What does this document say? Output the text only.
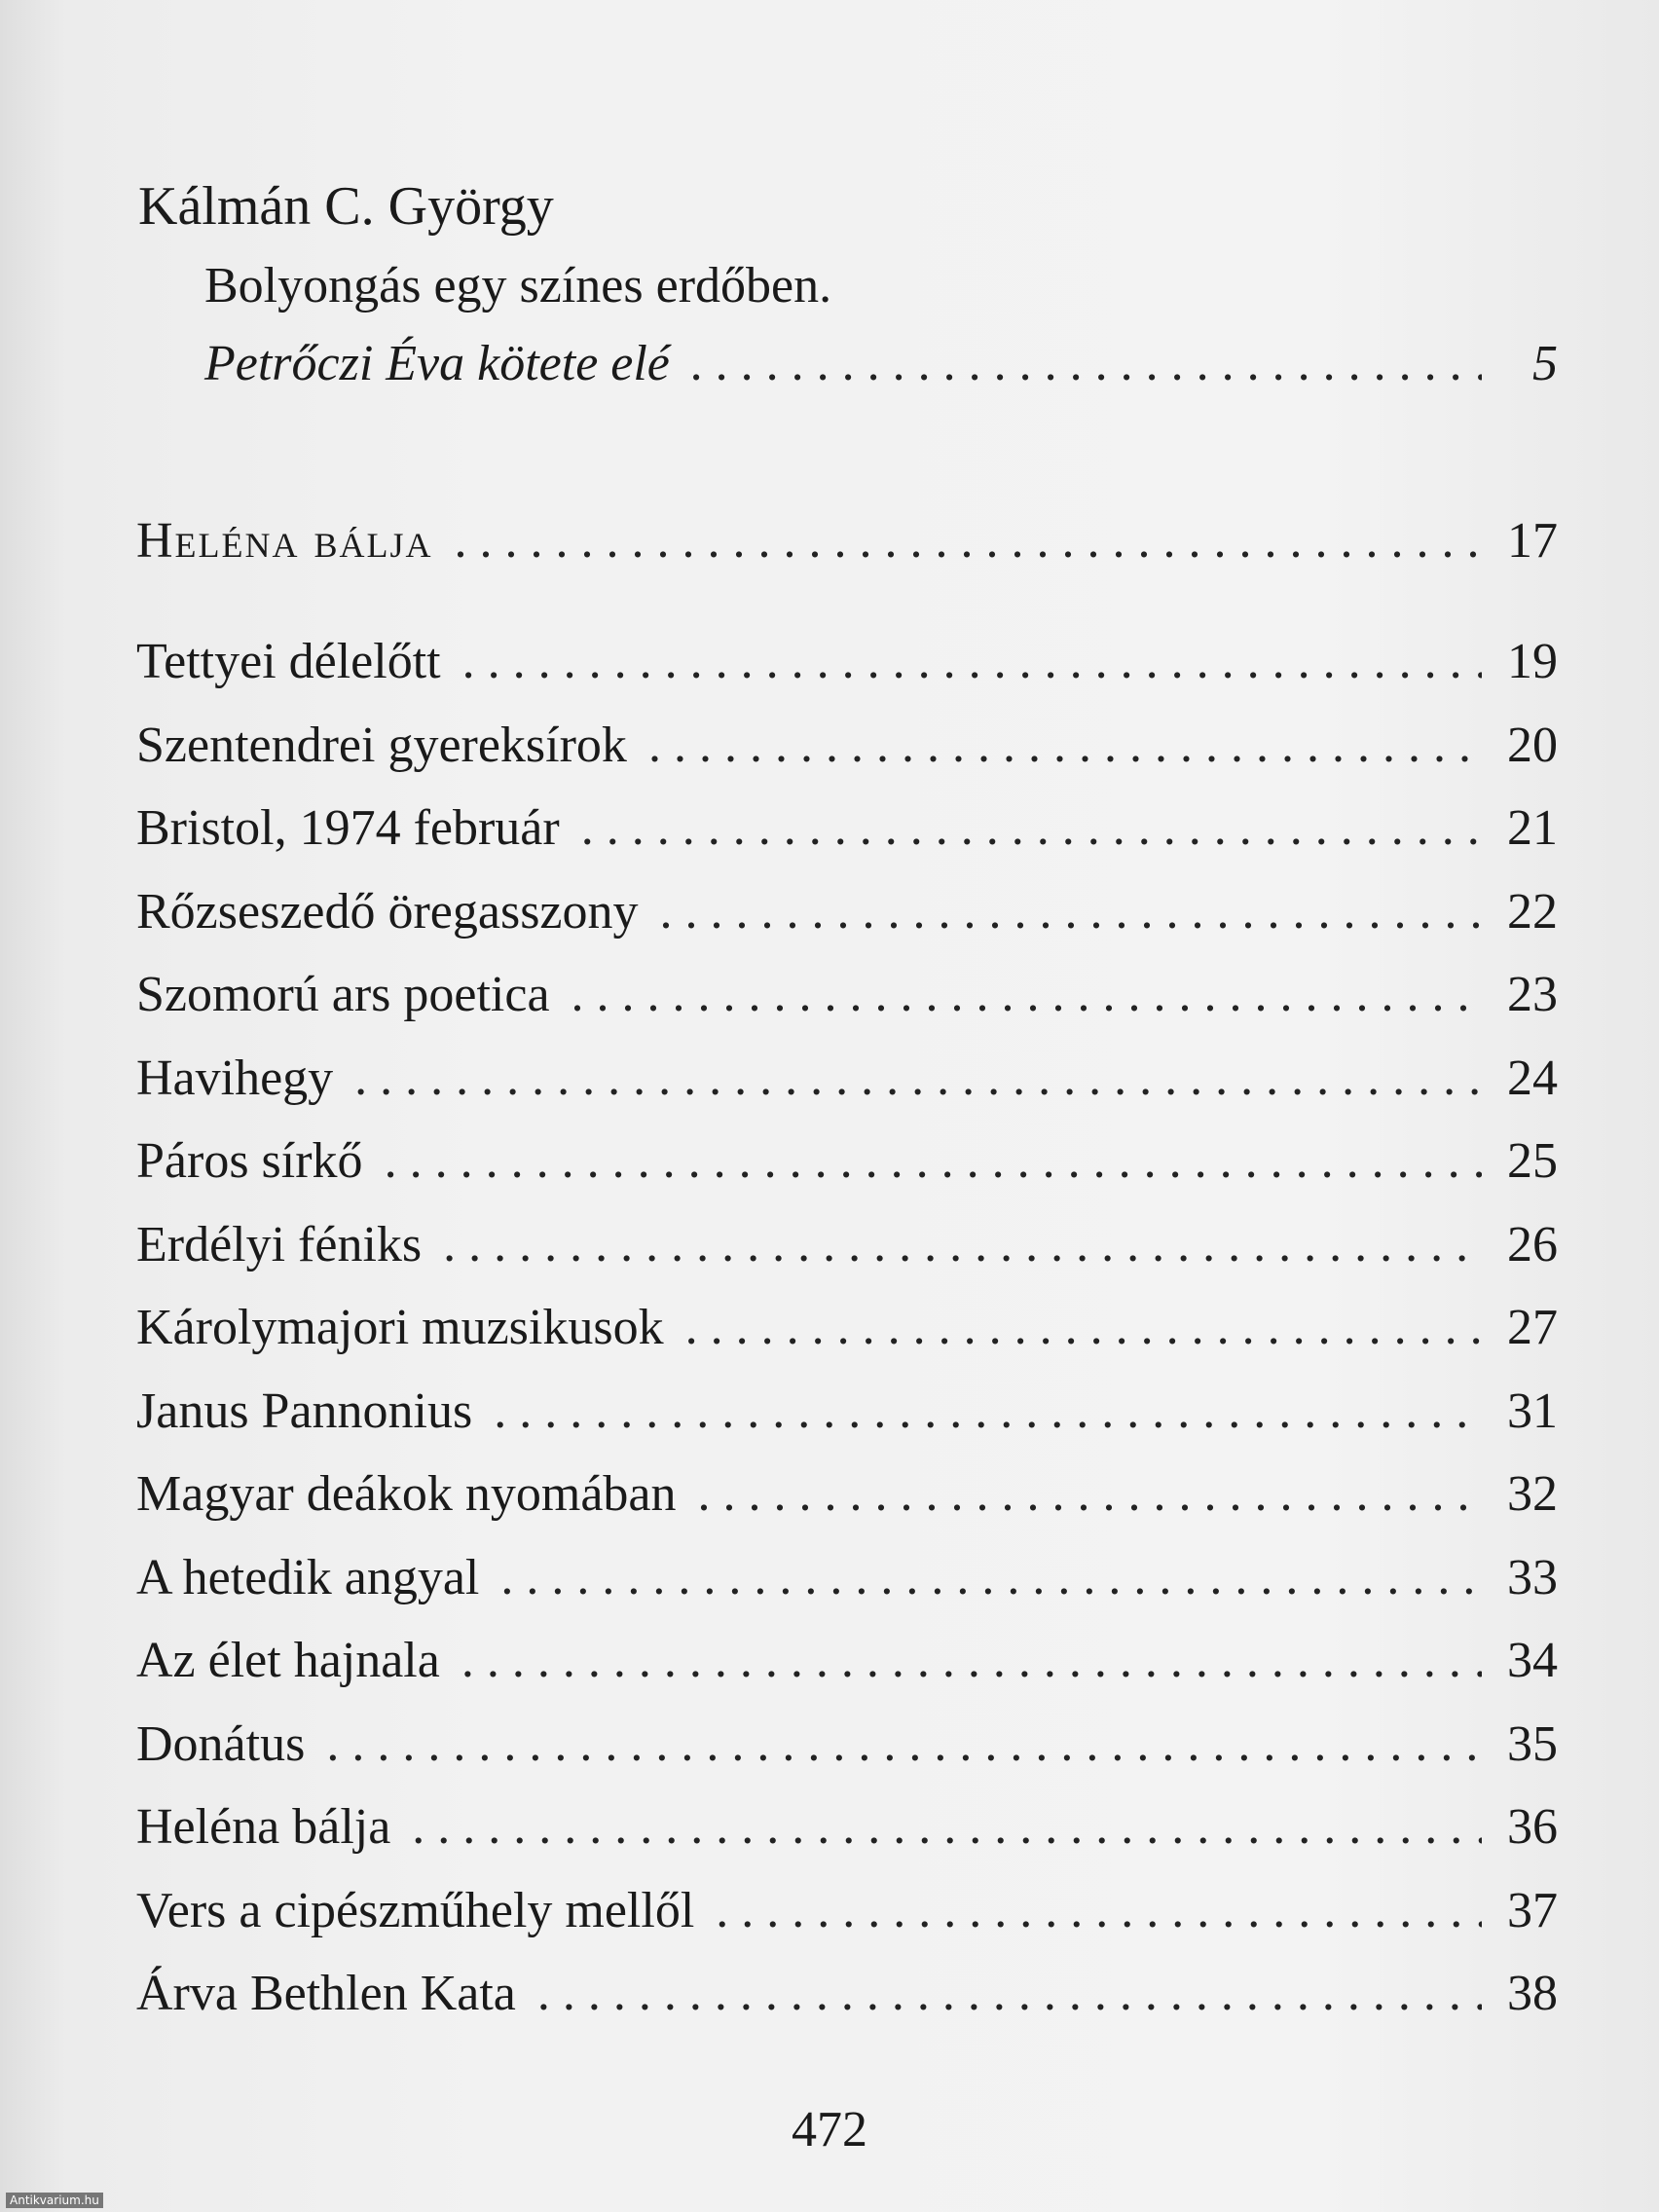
Kálmán C. György
Bolyongás egy színes erdőben.
Petrőczi Éva kötete elé . . .	5
Heléna bálja . . .	17
Tettyei délelőtt . . .	19
Szentendrei gyereksírok . . .	20
Bristol, 1974 február . . .	21
Rőzseszedő öregasszony . . .	22
Szomorú ars poetica . . .	23
Havihegy . . .	24
Páros sírkő . . .	25
Erdélyi féniks . . .	26
Károlymajori muzsikusok . . .	27
Janus Pannonius . . .	31
Magyar deákok nyomában . . .	32
A hetedik angyal . . .	33
Az élet hajnala . . .	34
Donátus . . .	35
Heléna bálja . . .	36
Vers a cipészműhely mellől . . .	37
Árva Bethlen Kata . . .	38
472
Antikvarium.hu
